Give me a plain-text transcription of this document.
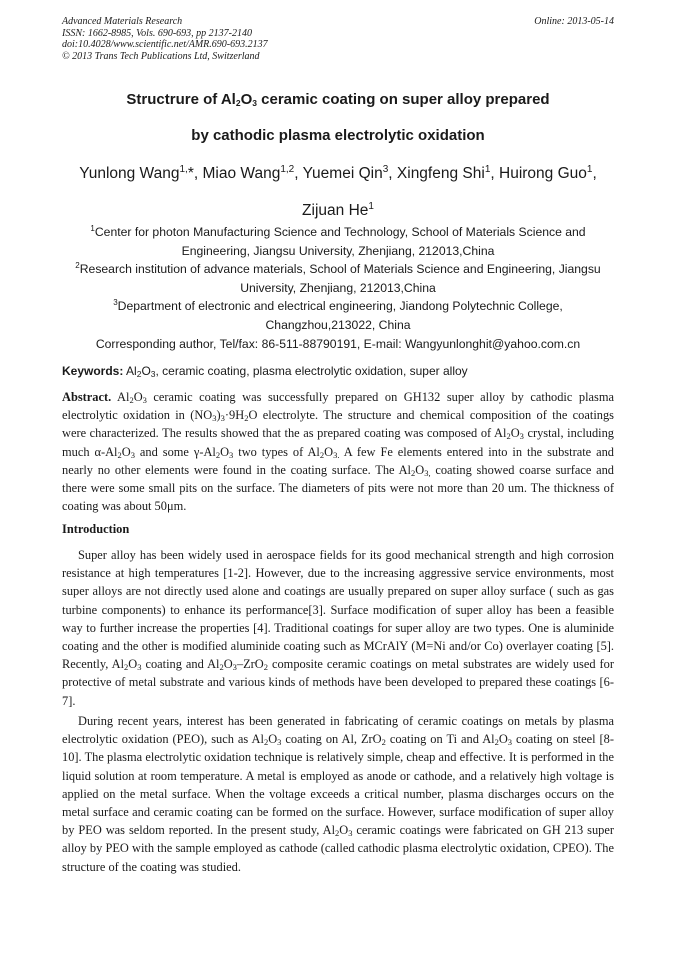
Advanced Materials Research
ISSN: 1662-8985, Vols. 690-693, pp 2137-2140
doi:10.4028/www.scientific.net/AMR.690-693.2137
© 2013 Trans Tech Publications Ltd, Switzerland
Online: 2013-05-14
Structrure of $Al_2O_3$ ceramic coating on super alloy prepared
by cathodic plasma electrolytic oxidation
Yunlong Wang$^{1,}$*, Miao Wang$^{1,2}$, Yuemei Qin$^3$, Xingfeng Shi$^1$, Huirong Guo$^1$,
Zijuan He$^1$
$^1$Center for photon Manufacturing Science and Technology, School of Materials Science and Engineering, Jiangsu University, Zhenjiang, 212013,China
$^2$Research institution of advance materials, School of Materials Science and Engineering, Jiangsu University, Zhenjiang, 212013,China
$^3$Department of electronic and electrical engineering, Jiandong Polytechnic College, Changzhou,213022, China
Corresponding author, Tel/fax: 86-511-88790191, E-mail: Wangyunlonghit@yahoo.com.cn
Keywords: $Al_2O_3$, ceramic coating, plasma electrolytic oxidation, super alloy
Abstract. $Al_2O_3$ ceramic coating was successfully prepared on GH132 super alloy by cathodic plasma electrolytic oxidation in $(NO_3)_3\cdot 9H_2O$ electrolyte. The structure and chemical composition of the coatings were characterized. The results showed that the as prepared coating was composed of $Al_2O_3$ crystal, including much $\alpha-Al_2O_3$ and some $\gamma-Al_2O_3$ two types of $Al_2O_{3.}$ A few Fe elements entered into in the substrate and nearly no other elements were found in the coating surface. The $Al_2O_{3,}$ coating showed coarse surface and there were some small pits on the surface. The diameters of pits were not more than 20 um. The thickness of coating was about 50μm.
Introduction
Super alloy has been widely used in aerospace fields for its good mechanical strength and high corrosion resistance at high temperatures [1-2]. However, due to the increasing aggressive service environments, most super alloys are not directly used alone and coatings are usually prepared on super alloy surface ( such as gas turbine components) to enhance its performance[3]. Surface modification of super alloy has been a feasible way to further increase the properties [4]. Traditional coatings for super alloy are two types. One is aluminide coating and the other is modified aluminide coating such as MCrAlY (M=Ni and/or Co) overlayer coating [5]. Recently, $Al_2O_3$ coating and $Al_2O_3-ZrO_2$ composite ceramic coatings on metal substrates are widely used for protective of metal substrate and various kinds of methods have been developed to prepared these coatings [6-7].
During recent years, interest has been generated in fabricating of ceramic coatings on metals by plasma electrolytic oxidation (PEO), such as $Al_2O_3$ coating on Al, ZrO$_2$ coating on Ti and $Al_2O_3$ coating on steel [8-10]. The plasma electrolytic oxidation technique is relatively simple, cheap and effective. It is performed in the liquid solution at room temperature. A metal is employed as anode or cathode, and a relatively high voltage is applied on the metal surface. When the voltage exceeds a critical number, plasma discharges occurs on the metal surface and ceramic coating can be formed on the surface. However, surface modification of super alloy by PEO was seldom reported. In the present study, $Al_2O_3$ ceramic coatings were fabricated on GH 213 super alloy by PEO with the sample employed as cathode (called cathodic plasma electrolytic oxidation, CPEO). The structure of the coating was studied.
